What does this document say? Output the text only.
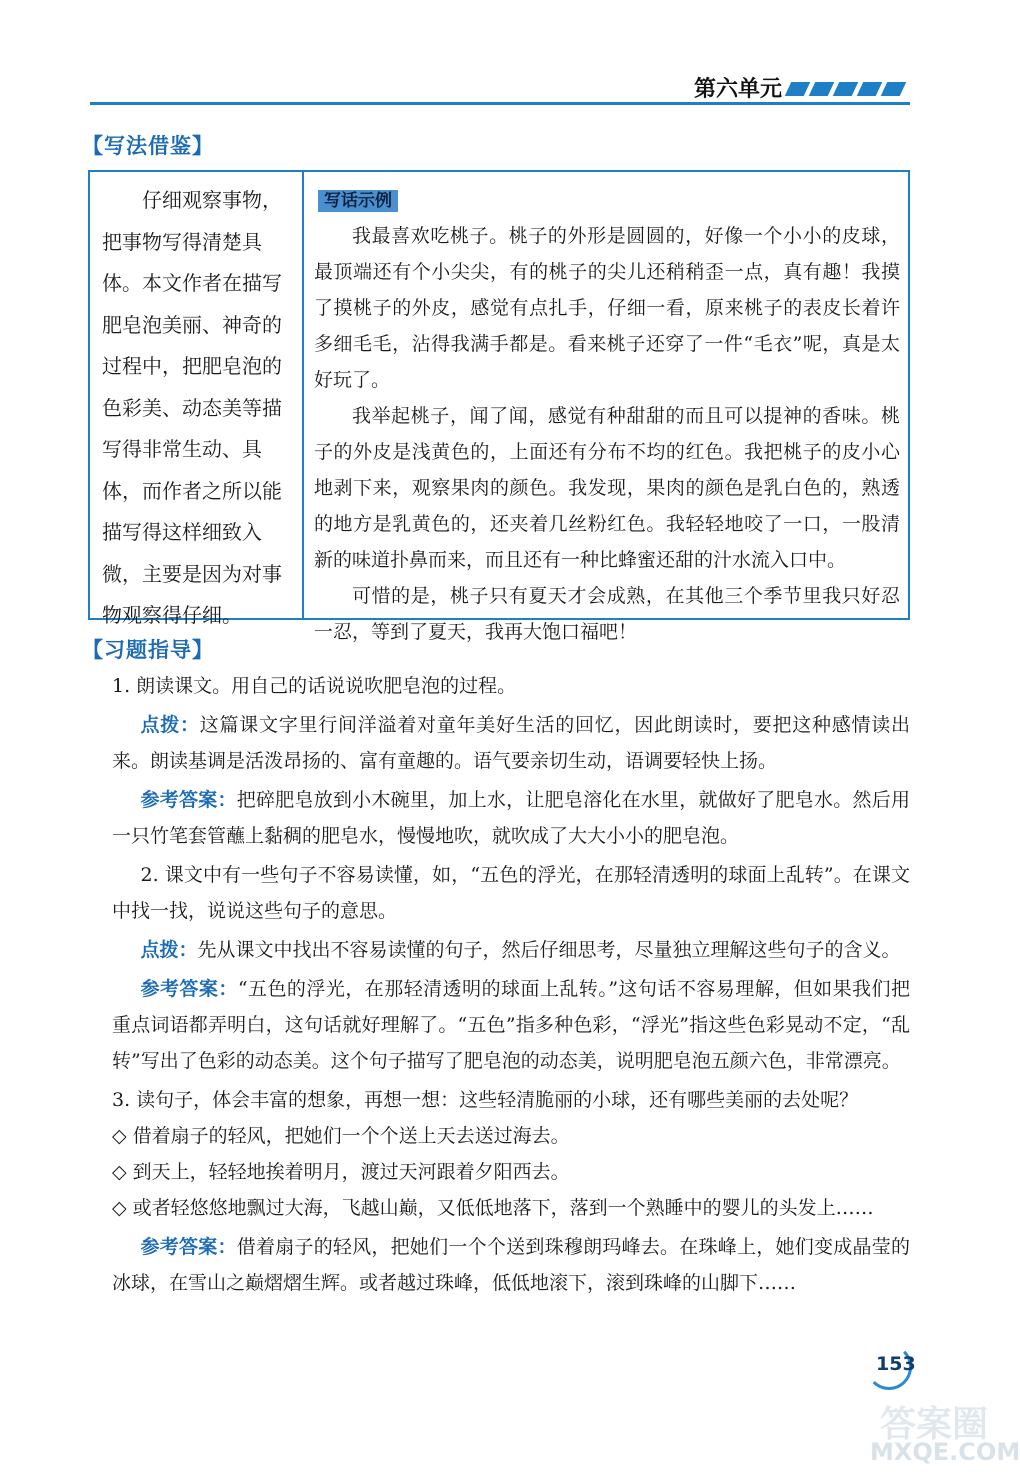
第六单元
【写法借鉴】
仔细观察事物，把事物写得清楚具体。本文作者在描写肥皂泡美丽、神奇的过程中，把肥皂泡的色彩美、动态美等描写得非常生动、具体，而作者之所以能描写得这样细致入微，主要是因为对事物观察得仔细。
写话示例

我最喜欢吃桃子。桃子的外形是圆圆的，好像一个小小的皮球，最顶端还有个小尖尖，有的桃子的尖儿还稍稍歪一点，真有趣！我摸了摸桃子的外皮，感觉有点扎手，仔细一看，原来桃子的表皮长着许多细毛毛，沾得我满手都是。看来桃子还穿了一件“毛衣”呢，真是太好玩了。

我举起桃子，闻了闻，感觉有种甜甜的而且可以提神的香味。桃子的外皮是浅黄色的，上面还有分布不均的红色。我把桃子的皮小心地剥下来，观察果肉的颜色。我发现，果肉的颜色是乳白色的，熟透的地方是乳黄色的，还夹着几丝粉红色。我轻轻地咬了一口，一股清新的味道扑鼻而来，而且还有一种比蜂蜜还甜的汁水流入口中。

可惜的是，桃子只有夏天才会成熟，在其他三个季节里我只好忍一忍，等到了夏天，我再大饱口福吧！

【习题指导】

1. 朗读课文。用自己的话说说吹肥皂泡的过程。

点拨：这篇课文字里行间洋溢着对童年美好生活的回忆，因此朗读时，要把这种感情读出来。朗读基调是活泼昂扬的、富有童趣的。语气要亲切生动，语调要轻快上扬。

参考答案：把碎肥皂放到小木碗里，加上水，让肥皂溶化在水里，就做好了肥皂水。然后用一只竹笔套管蘸上黏稠的肥皂水，慢慢地吹，就吹成了大大小小的肥皂泡。

2. 课文中有一些句子不容易读懂，如，“五色的浮光，在那轻清透明的球面上乱转”。在课文中找一找，说说这些句子的意思。

点拨：先从课文中找出不容易读懂的句子，然后仔细思考，尽量独立理解这些句子的含义。

参考答案：“五色的浮光，在那轻清透明的球面上乱转。”这句话不容易理解，但如果我们把重点词语都弄明白，这句话就好理解了。“五色”指多种色彩，“浮光”指这些色彩晃动不定，“乱转”写出了色彩的动态美。这个句子描写了肥皂泡的动态美，说明肥皂泡五颜六色，非常漂亮。

3. 读句子，体会丰富的想象，再想一想：这些轻清脆丽的小球，还有哪些美丽的去处呢？

◇ 借着扇子的轻风，把她们一个个送上天去送过海去。

◇ 到天上，轻轻地挨着明月，渡过天河跟着夕阳西去。

◇ 或者轻悠悠地飘过大海，飞越山巅，又低低地落下，落到一个熟睡中的婴儿的头发上……

参考答案：借着扇子的轻风，把她们一个个送到珠穆朗玛峰去。在珠峰上，她们变成晶莹的冰球，在雪山之巅熠熠生辉。或者越过珠峰，低低地滚下，滚到珠峰的山脚下……

153
答案圈
MXQE.COM
